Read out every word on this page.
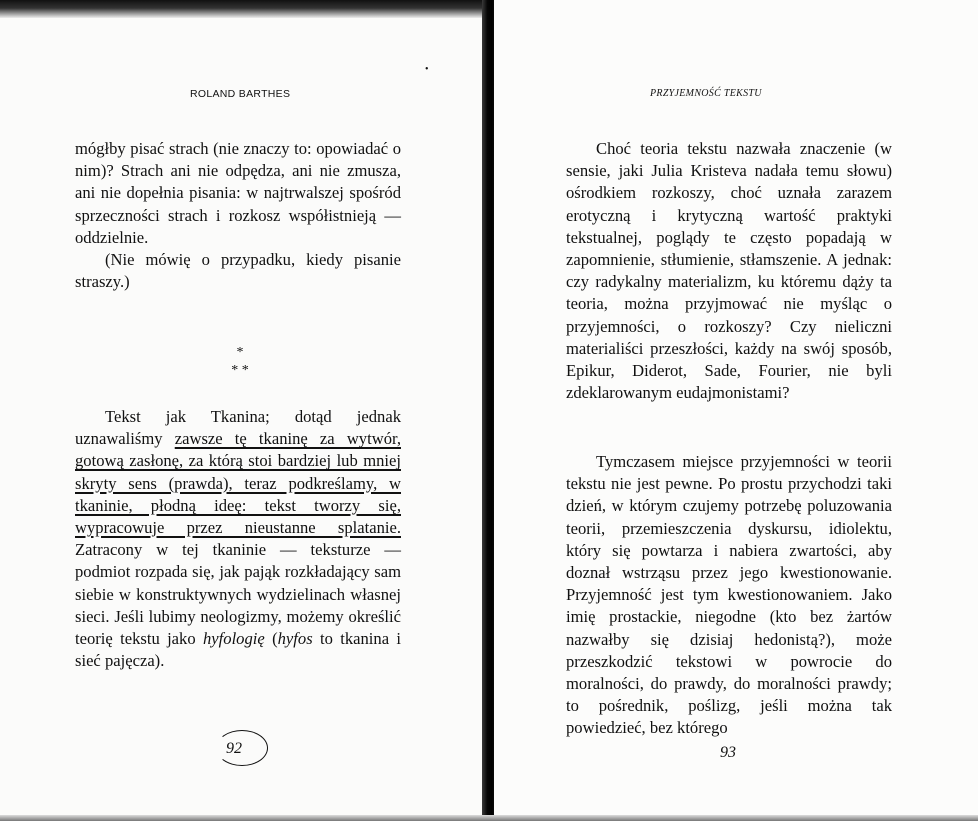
ROLAND BARTHES

mógłby pisać strach (nie znaczy to: opowiadać o nim)? Strach ani nie odpędza, ani nie zmusza, ani nie dopełnia pisania: w najtrwalszej spośród sprzeczności strach i rozkosz współistnieją — oddzielnie.

(Nie mówię o przypadku, kiedy pisanie straszy.)

*
* *

Tekst jak Tkanina; dotąd jednak uznawaliśmy zawsze tę tkaninę za wytwór, gotową zasłonę, za którą stoi bardziej lub mniej skryty sens (prawda), teraz podkreślamy, w tkaninie, płodną ideę: tekst tworzy się, wypracowuje przez nieustanne splatanie. Zatracony w tej tkaninie — teksturze — podmiot rozpada się, jak pająk rozkładający sam siebie w konstruktywnych wydzielinach własnej sieci. Jeśli lubimy neologizmy, możemy określić teorię tekstu jako hyfologię (hyfos to tkanina i sieć pajęcza).

92
•
PRZYJEMNOŚĆ TEKSTU

Choć teoria tekstu nazwała znaczenie (w sensie, jaki Julia Kristeva nadała temu słowu) ośrodkiem rozkoszy, choć uznała zarazem erotyczną i krytyczną wartość praktyki tekstualnej, poglądy te często popadają w zapomnienie, stłumienie, stłamszenie. A jednak: czy radykalny materializm, ku któremu dąży ta teoria, można przyjmować nie myśląc o przyjemności, o rozkoszy? Czy nieliczni materialiści przeszłości, każdy na swój sposób, Epikur, Diderot, Sade, Fourier, nie byli zdeklarowanym eudajmonistami?

Tymczasem miejsce przyjemności w teorii tekstu nie jest pewne. Po prostu przychodzi taki dzień, w którym czujemy potrzebę poluzowania teorii, przemieszczenia dyskursu, idiolektu, który się powtarza i nabiera zwartości, aby doznał wstrząsu przez jego kwestionowanie. Przyjemność jest tym kwestionowaniem. Jako imię prostackie, niegodne (kto bez żartów nazwałby się dzisiaj hedonistą?), może przeszkodzić tekstowi w powrocie do moralności, do prawdy, do moralności prawdy; to pośrednik, poślizg, jeśli można tak powiedzieć, bez którego

93
